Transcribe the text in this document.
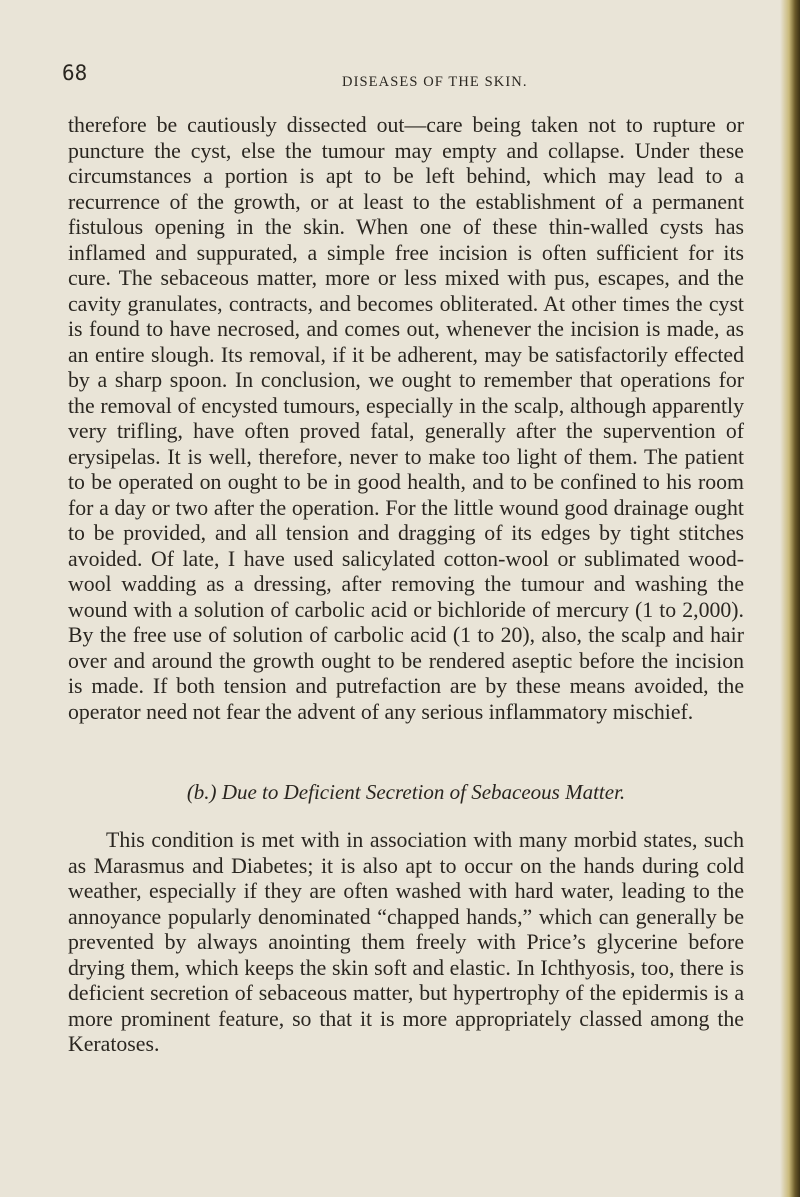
68	DISEASES OF THE SKIN.

therefore be cautiously dissected out—care being taken not to rupture or puncture the cyst, else the tumour may empty and collapse. Under these circumstances a portion is apt to be left behind, which may lead to a recurrence of the growth, or at least to the establishment of a permanent fistulous opening in the skin. When one of these thin-walled cysts has inflamed and suppurated, a simple free incision is often sufficient for its cure. The sebaceous matter, more or less mixed with pus, escapes, and the cavity granulates, contracts, and becomes obliterated. At other times the cyst is found to have necrosed, and comes out, whenever the incision is made, as an entire slough. Its removal, if it be adherent, may be satisfactorily effected by a sharp spoon. In conclusion, we ought to remember that operations for the removal of encysted tumours, especially in the scalp, although apparently very trifling, have often proved fatal, generally after the supervention of erysipelas. It is well, therefore, never to make too light of them. The patient to be operated on ought to be in good health, and to be confined to his room for a day or two after the operation. For the little wound good drainage ought to be provided, and all tension and dragging of its edges by tight stitches avoided. Of late, I have used salicylated cotton-wool or sublimated wood-wool wadding as a dressing, after removing the tumour and washing the wound with a solution of carbolic acid or bichloride of mercury (1 to 2,000). By the free use of solution of carbolic acid (1 to 20), also, the scalp and hair over and around the growth ought to be rendered aseptic before the incision is made. If both tension and putrefaction are by these means avoided, the operator need not fear the advent of any serious inflammatory mischief.

(b.) Due to Deficient Secretion of Sebaceous Matter.

This condition is met with in association with many morbid states, such as Marasmus and Diabetes; it is also apt to occur on the hands during cold weather, especially if they are often washed with hard water, leading to the annoyance popularly denominated “chapped hands,” which can generally be prevented by always anointing them freely with Price’s glycerine before drying them, which keeps the skin soft and elastic. In Ichthyosis, too, there is deficient secretion of sebaceous matter, but hypertrophy of the epidermis is a more prominent feature, so that it is more appropriately classed among the Keratoses.
